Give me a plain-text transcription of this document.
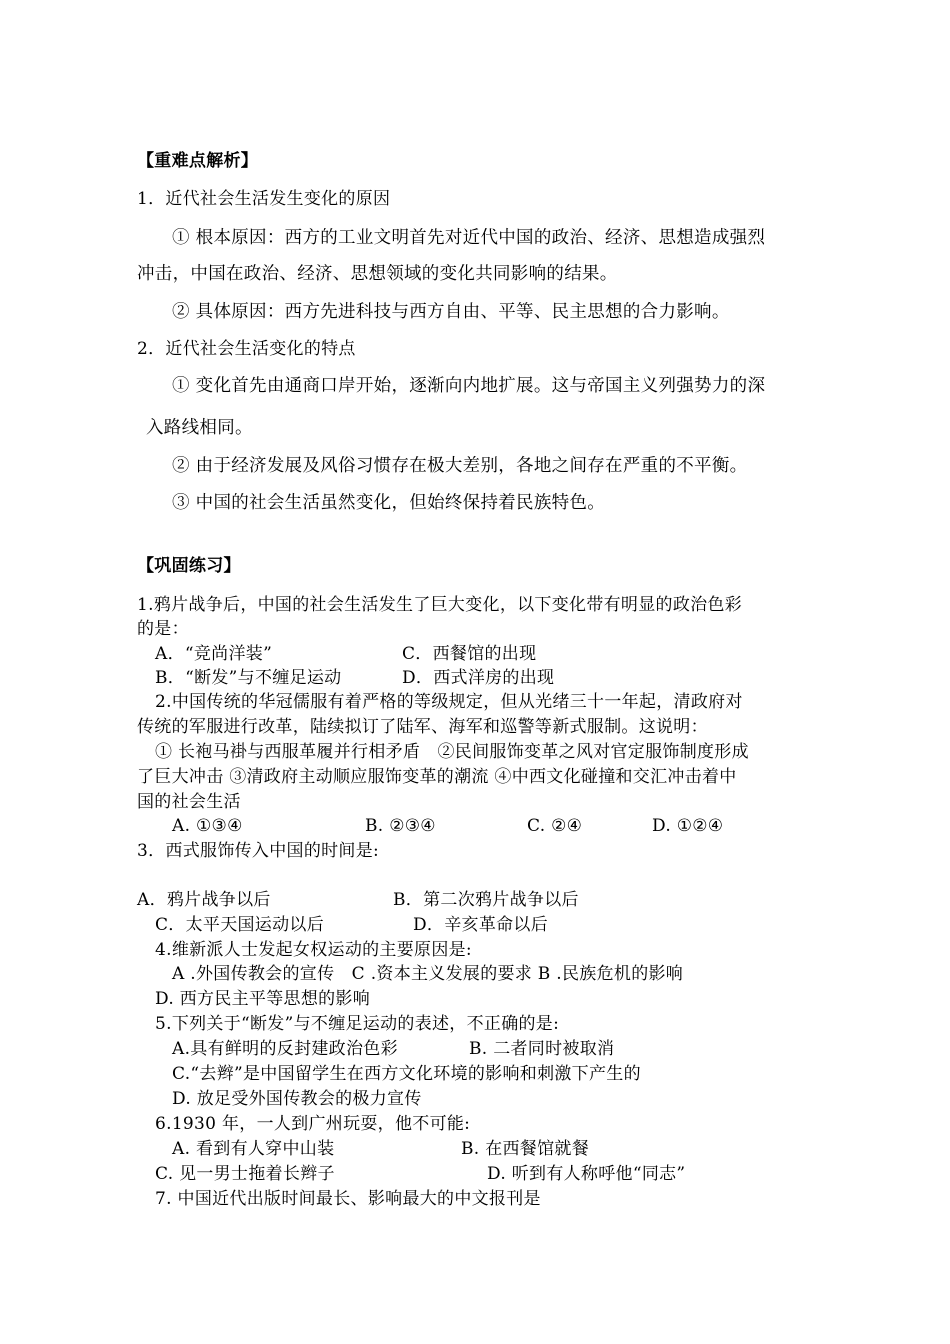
【重难点解析】
1．近代社会生活发生变化的原因
① 根本原因：西方的工业文明首先对近代中国的政治、经济、思想造成强烈
冲击，中国在政治、经济、思想领域的变化共同影响的结果。
② 具体原因：西方先进科技与西方自由、平等、民主思想的合力影响。
2．近代社会生活变化的特点
① 变化首先由通商口岸开始，逐渐向内地扩展。这与帝国主义列强势力的深
入路线相同。
② 由于经济发展及风俗习惯存在极大差别，各地之间存在严重的不平衡。
③ 中国的社会生活虽然变化，但始终保持着民族特色。
【巩固练习】
1.鸦片战争后，中国的社会生活发生了巨大变化，以下变化带有明显的政治色彩
的是：
A．“竞尚洋装”	C．西餐馆的出现
B．“断发”与不缠足运动	D．西式洋房的出现
2.中国传统的华冠儒服有着严格的等级规定，但从光绪三十一年起，清政府对
传统的军服进行改革，陆续拟订了陆军、海军和巡警等新式服制。这说明：
① 长袍马褂与西服革履并行相矛盾　②民间服饰变革之风对官定服饰制度形成
了巨大冲击 ③清政府主动顺应服饰变革的潮流 ④中西文化碰撞和交汇冲击着中
国的社会生活
A. ①③④	B. ②③④	C. ②④	D. ①②④
3．西式服饰传入中国的时间是:
A．鸦片战争以后	B．第二次鸦片战争以后
C．太平天国运动以后	D．辛亥革命以后
4.维新派人士发起女权运动的主要原因是:
A .外国传教会的宣传　C .资本主义发展的要求 B .民族危机的影响
D. 西方民主平等思想的影响
5.下列关于“断发”与不缠足运动的表述，不正确的是:
A.具有鲜明的反封建政治色彩	B. 二者同时被取消
C.“去辫”是中国留学生在西方文化环境的影响和刺激下产生的
D. 放足受外国传教会的极力宣传
6.1930 年，一人到广州玩耍，他不可能:
A. 看到有人穿中山装	B. 在西餐馆就餐
C. 见一男士拖着长辫子	D. 听到有人称呼他“同志”
7. 中国近代出版时间最长、影响最大的中文报刊是
